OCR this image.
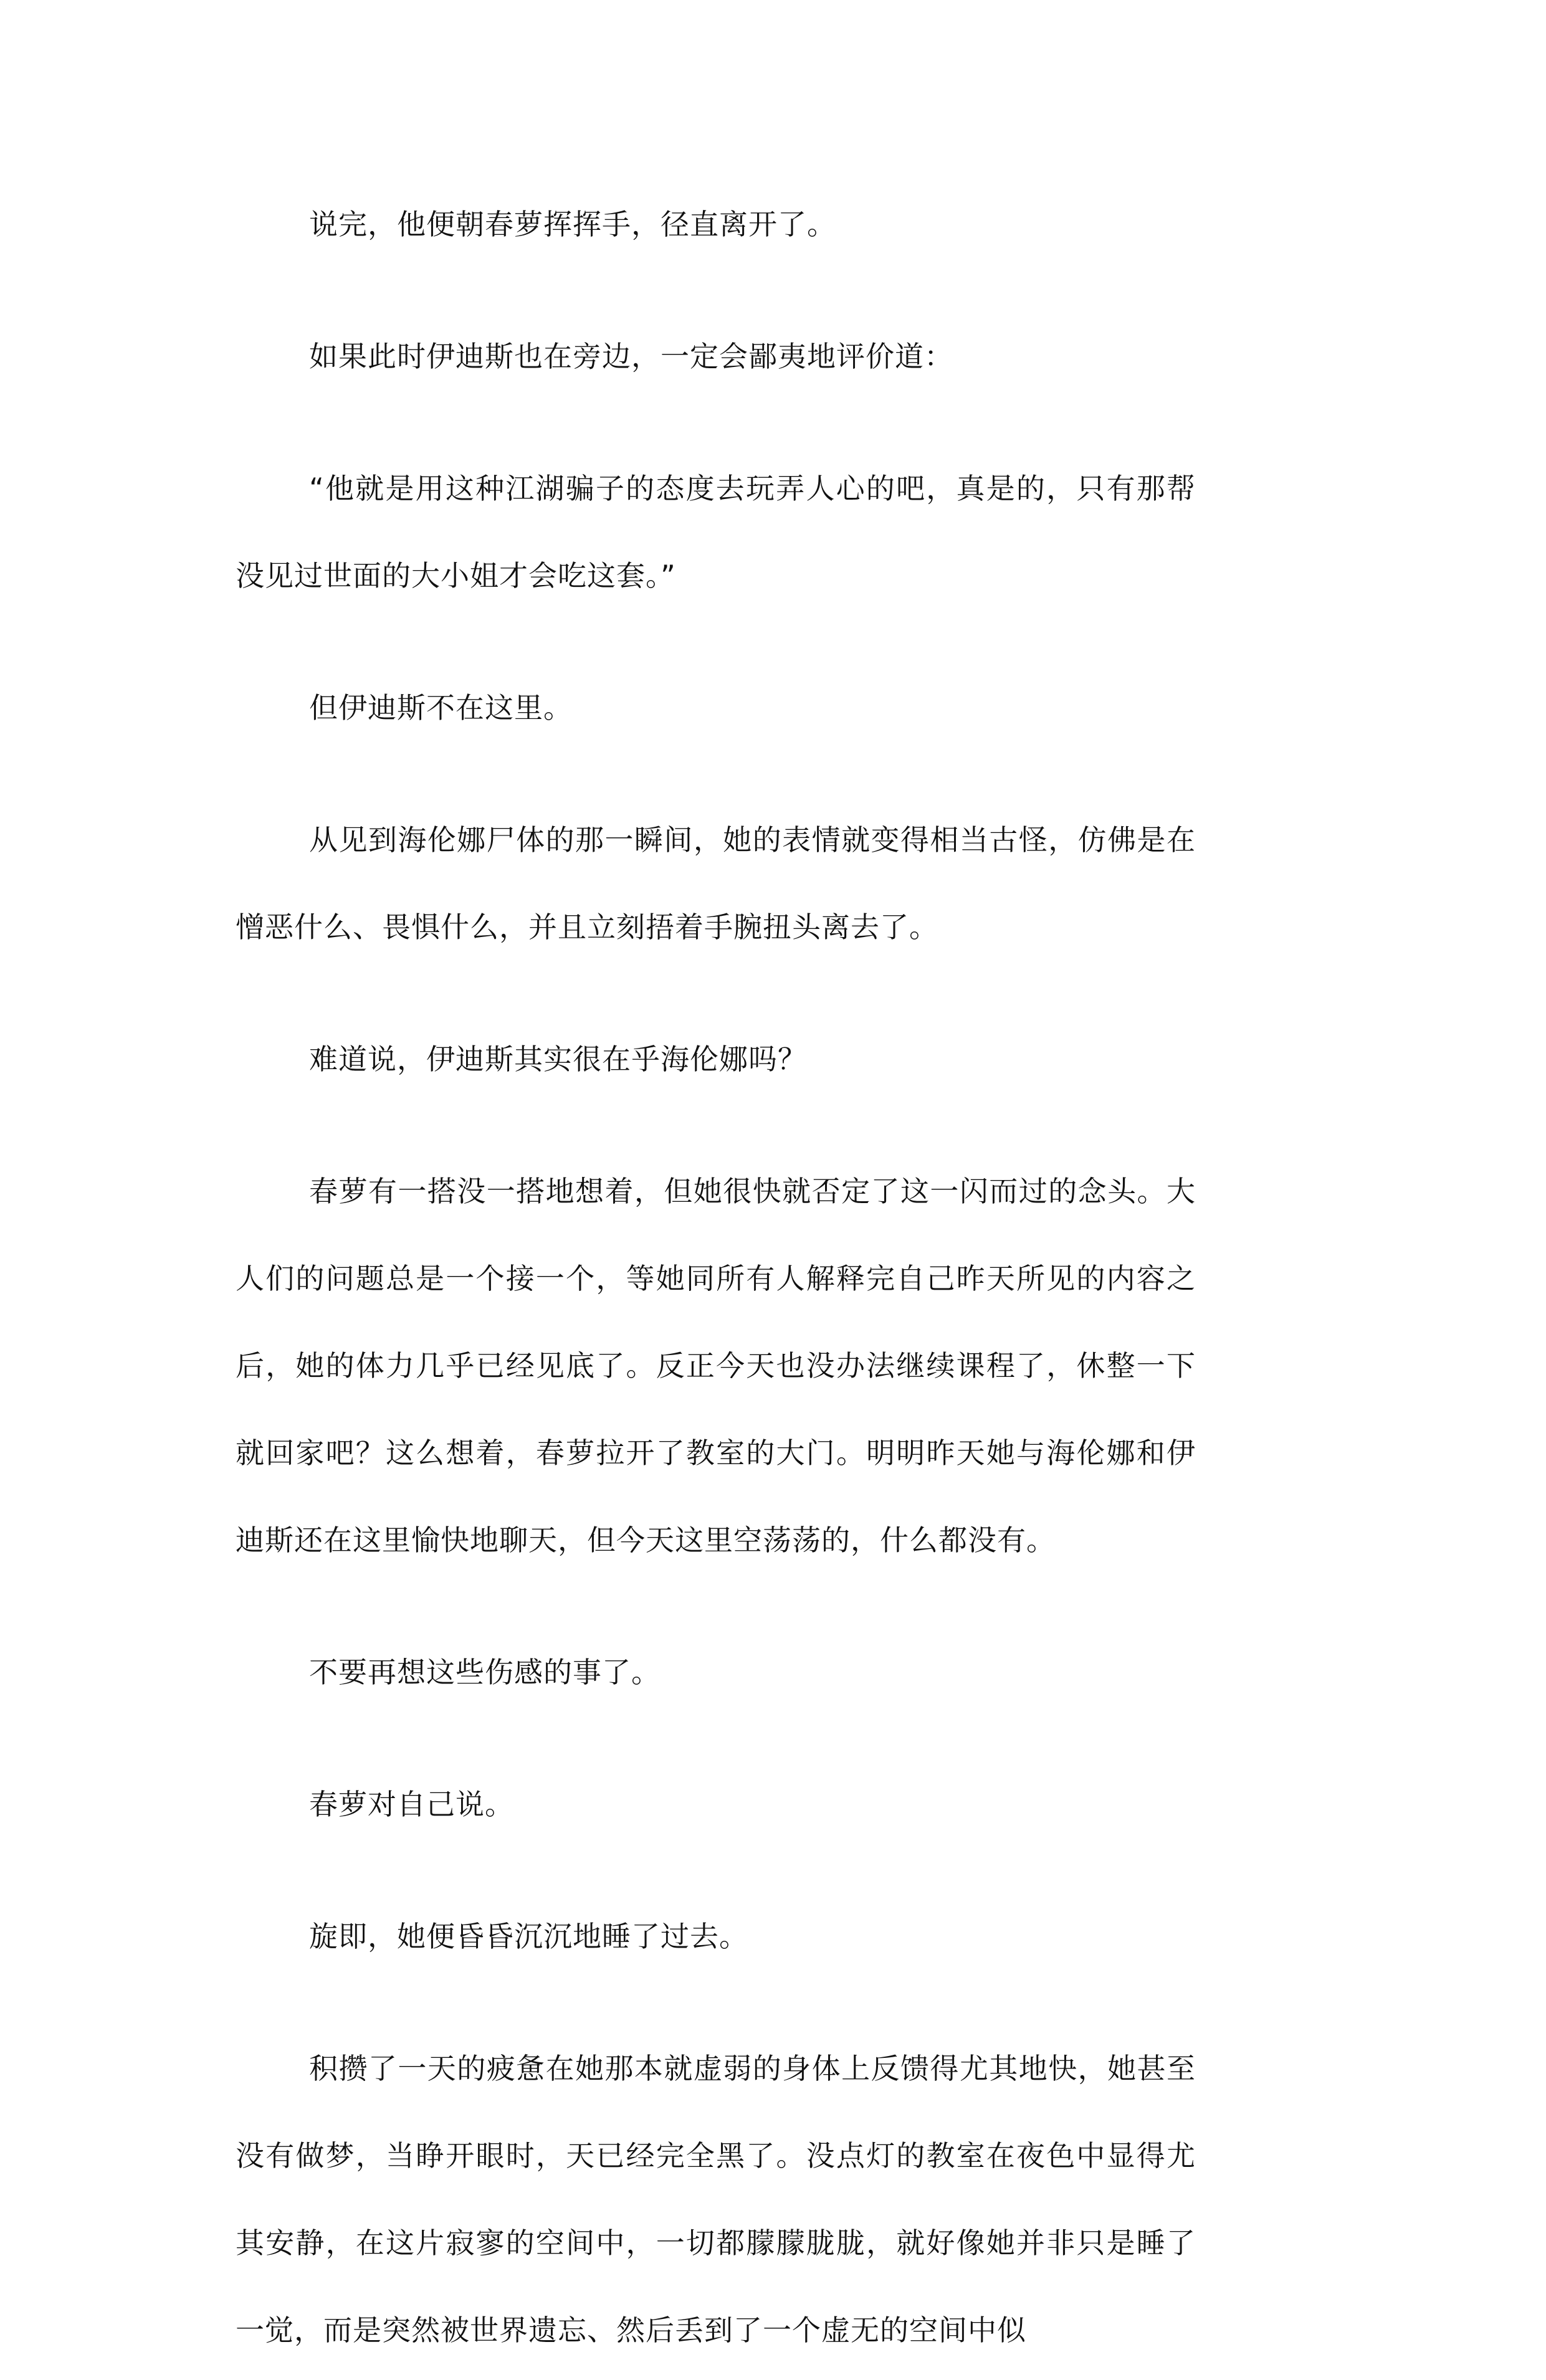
说完，他便朝春萝挥挥手，径直离开了。

如果此时伊迪斯也在旁边，一定会鄙夷地评价道：

“他就是用这种江湖骗子的态度去玩弄人心的吧，真是的，只有那帮没见过世面的大小姐才会吃这套。”

但伊迪斯不在这里。

从见到海伦娜尸体的那一瞬间，她的表情就变得相当古怪，仿佛是在憎恶什么、畏惧什么，并且立刻捂着手腕扭头离去了。

难道说，伊迪斯其实很在乎海伦娜吗？

春萝有一搭没一搭地想着，但她很快就否定了这一闪而过的念头。大人们的问题总是一个接一个，等她同所有人解释完自己昨天所见的内容之后，她的体力几乎已经见底了。反正今天也没办法继续课程了，休整一下就回家吧？这么想着，春萝拉开了教室的大门。明明昨天她与海伦娜和伊迪斯还在这里愉快地聊天，但今天这里空荡荡的，什么都没有。

不要再想这些伤感的事了。

春萝对自己说。

旋即，她便昏昏沉沉地睡了过去。

积攒了一天的疲惫在她那本就虚弱的身体上反馈得尤其地快，她甚至没有做梦，当睁开眼时，天已经完全黑了。没点灯的教室在夜色中显得尤其安静，在这片寂寥的空间中，一切都朦朦胧胧，就好像她并非只是睡了一觉，而是突然被世界遗忘、然后丢到了一个虚无的空间中似
